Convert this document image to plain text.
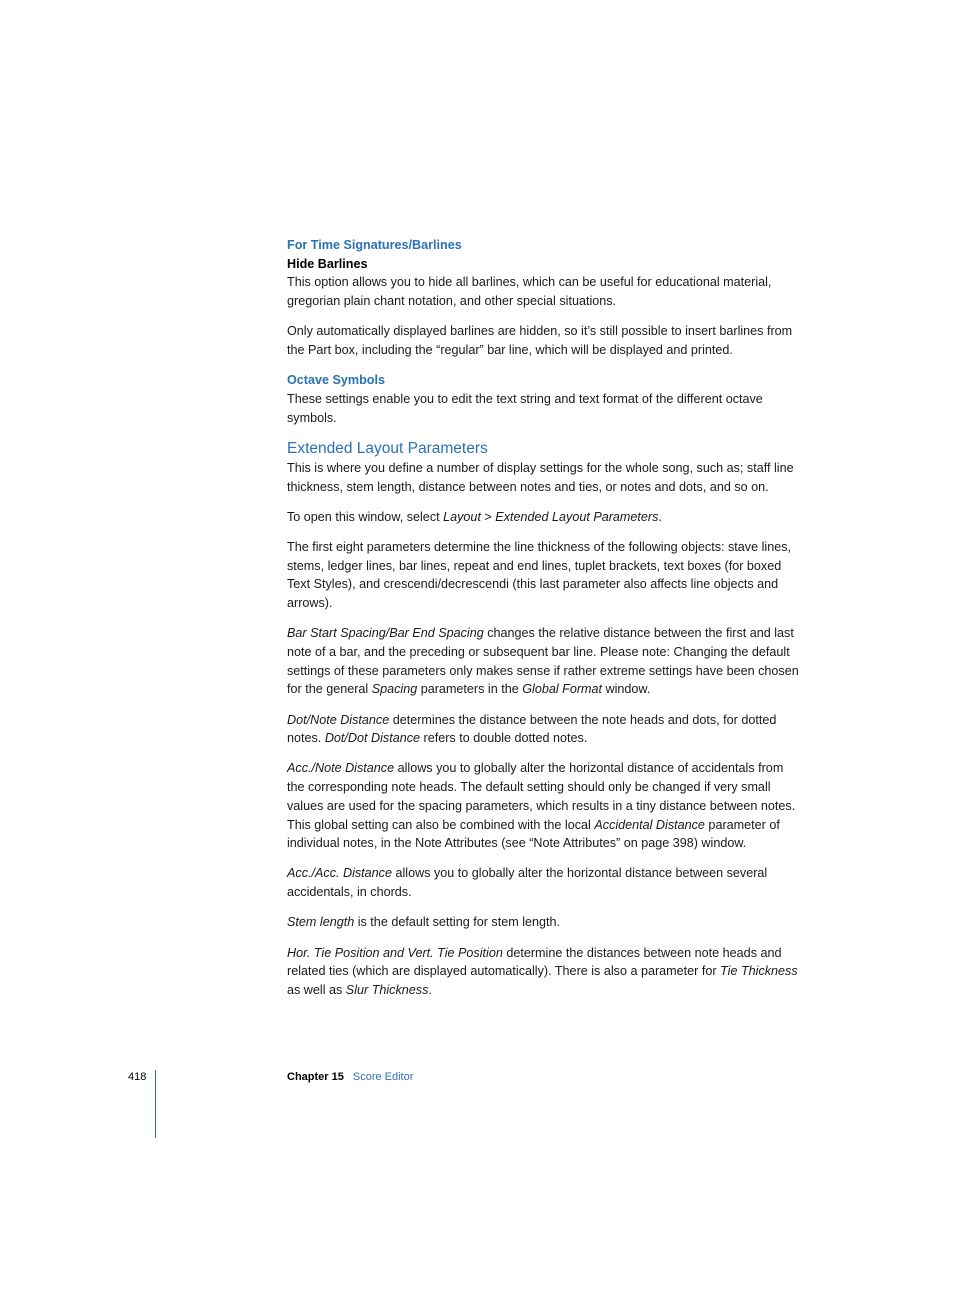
For Time Signatures/Barlines
Hide Barlines

This option allows you to hide all barlines, which can be useful for educational material, gregorian plain chant notation, and other special situations.

Only automatically displayed barlines are hidden, so it’s still possible to insert barlines from the Part box, including the “regular” bar line, which will be displayed and printed.

Octave Symbols

These settings enable you to edit the text string and text format of the different octave symbols.

Extended Layout Parameters

This is where you define a number of display settings for the whole song, such as; staff line thickness, stem length, distance between notes and ties, or notes and dots, and so on.

To open this window, select Layout > Extended Layout Parameters.

The first eight parameters determine the line thickness of the following objects: stave lines, stems, ledger lines, bar lines, repeat and end lines, tuplet brackets, text boxes (for boxed Text Styles), and crescendi/decrescendi (this last parameter also affects line objects and arrows).

Bar Start Spacing/Bar End Spacing changes the relative distance between the first and last note of a bar, and the preceding or subsequent bar line. Please note: Changing the default settings of these parameters only makes sense if rather extreme settings have been chosen for the general Spacing parameters in the Global Format window.

Dot/Note Distance determines the distance between the note heads and dots, for dotted notes. Dot/Dot Distance refers to double dotted notes.

Acc./Note Distance allows you to globally alter the horizontal distance of accidentals from the corresponding note heads. The default setting should only be changed if very small values are used for the spacing parameters, which results in a tiny distance between notes. This global setting can also be combined with the local Accidental Distance parameter of individual notes, in the Note Attributes (see “Note Attributes” on page 398) window.

Acc./Acc. Distance allows you to globally alter the horizontal distance between several accidentals, in chords.

Stem length is the default setting for stem length.

Hor. Tie Position and Vert. Tie Position determine the distances between note heads and related ties (which are displayed automatically). There is also a parameter for Tie Thickness as well as Slur Thickness.

418	Chapter 15 Score Editor
